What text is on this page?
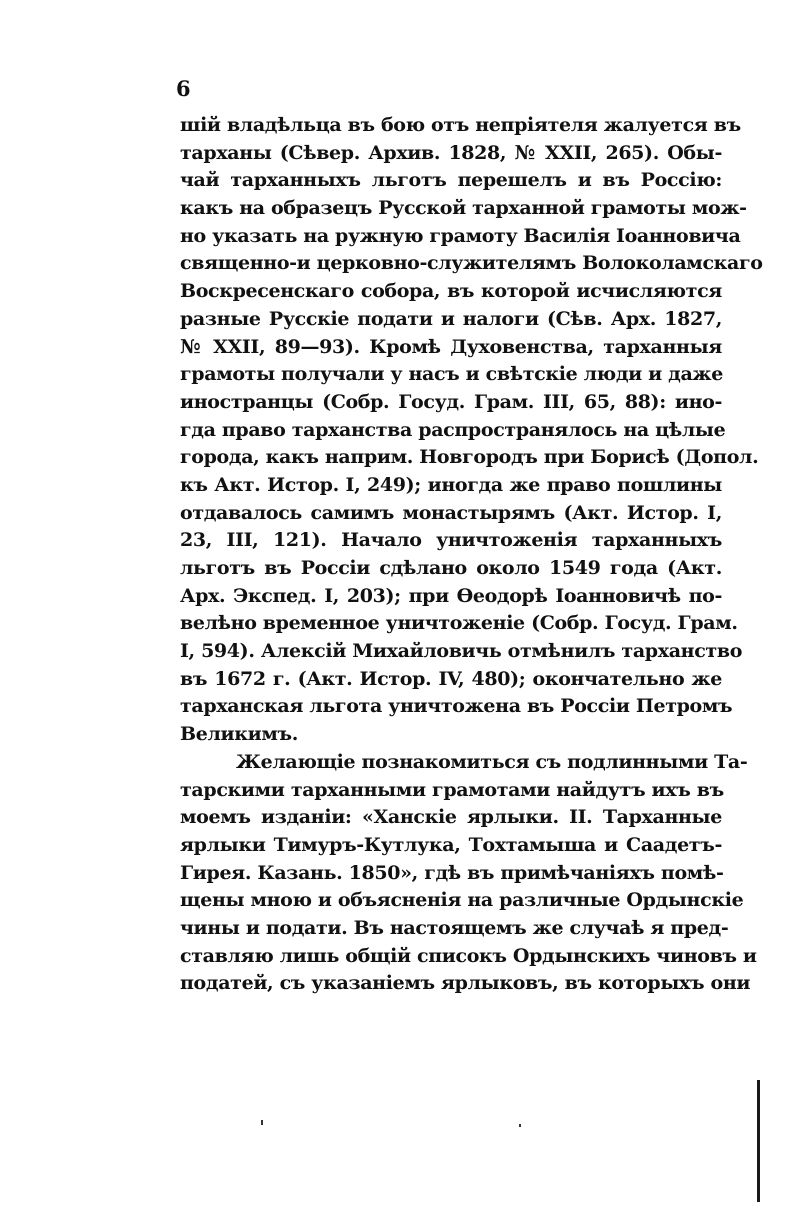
6
шій владѣльца въ бою отъ непріятеля жалуется въ
тарханы (Сѣвер. Архив. 1828, № XXII, 265). Обы-
чай тарханныхъ льготъ перешелъ и въ Россію:
какъ на образецъ Русской тарханной грамоты мож-
но указать на ружную грамоту Василія Іоанновича
священно-и церковно-служителямъ Волоколамскаго
Воскресенскаго собора, въ которой исчисляются
разные Русскіе подати и налоги (Сѣв. Арх. 1827,
№ XXII, 89—93). Кромѣ Духовенства, тарханныя
грамоты получали у насъ и свѣтскіе люди и даже
иностранцы (Собр. Госуд. Грам. III, 65, 88): ино-
гда право тарханства распространялось на цѣлые
города, какъ наприм. Новгородъ при Борисѣ (Допол.
къ Акт. Истор. I, 249); иногда же право пошлины
отдавалось самимъ монастырямъ (Акт. Истор. I,
23, III, 121). Начало уничтоженія тарханныхъ
льготъ въ Россіи сдѣлано около 1549 года (Акт.
Арх. Экспед. I, 203); при Ѳеодорѣ Іоанновичѣ по-
велѣно временное уничтоженіе (Собр. Госуд. Грам.
I, 594). Алексій Михайловичь отмѣнилъ тарханство
въ 1672 г. (Акт. Истор. IV, 480); окончательно же
тарханская льгота уничтожена въ Россіи Петромъ
Великимъ.
Желающіе познакомиться съ подлинными Та-
тарскими тарханными грамотами найдутъ ихъ въ
моемъ изданіи: «Ханскіе ярлыки. II. Тарханные
ярлыки Тимуръ-Кутлука, Тохтамыша и Саадетъ-
Гирея. Казань. 1850», гдѣ въ примѣчаніяхъ помѣ-
щены мною и объясненія на различные Ордынскіе
чины и подати. Въ настоящемъ же случаѣ я пред-
ставляю лишь общій списокъ Ордынскихъ чиновъ и
податей, съ указаніемъ ярлыковъ, въ которыхъ они
